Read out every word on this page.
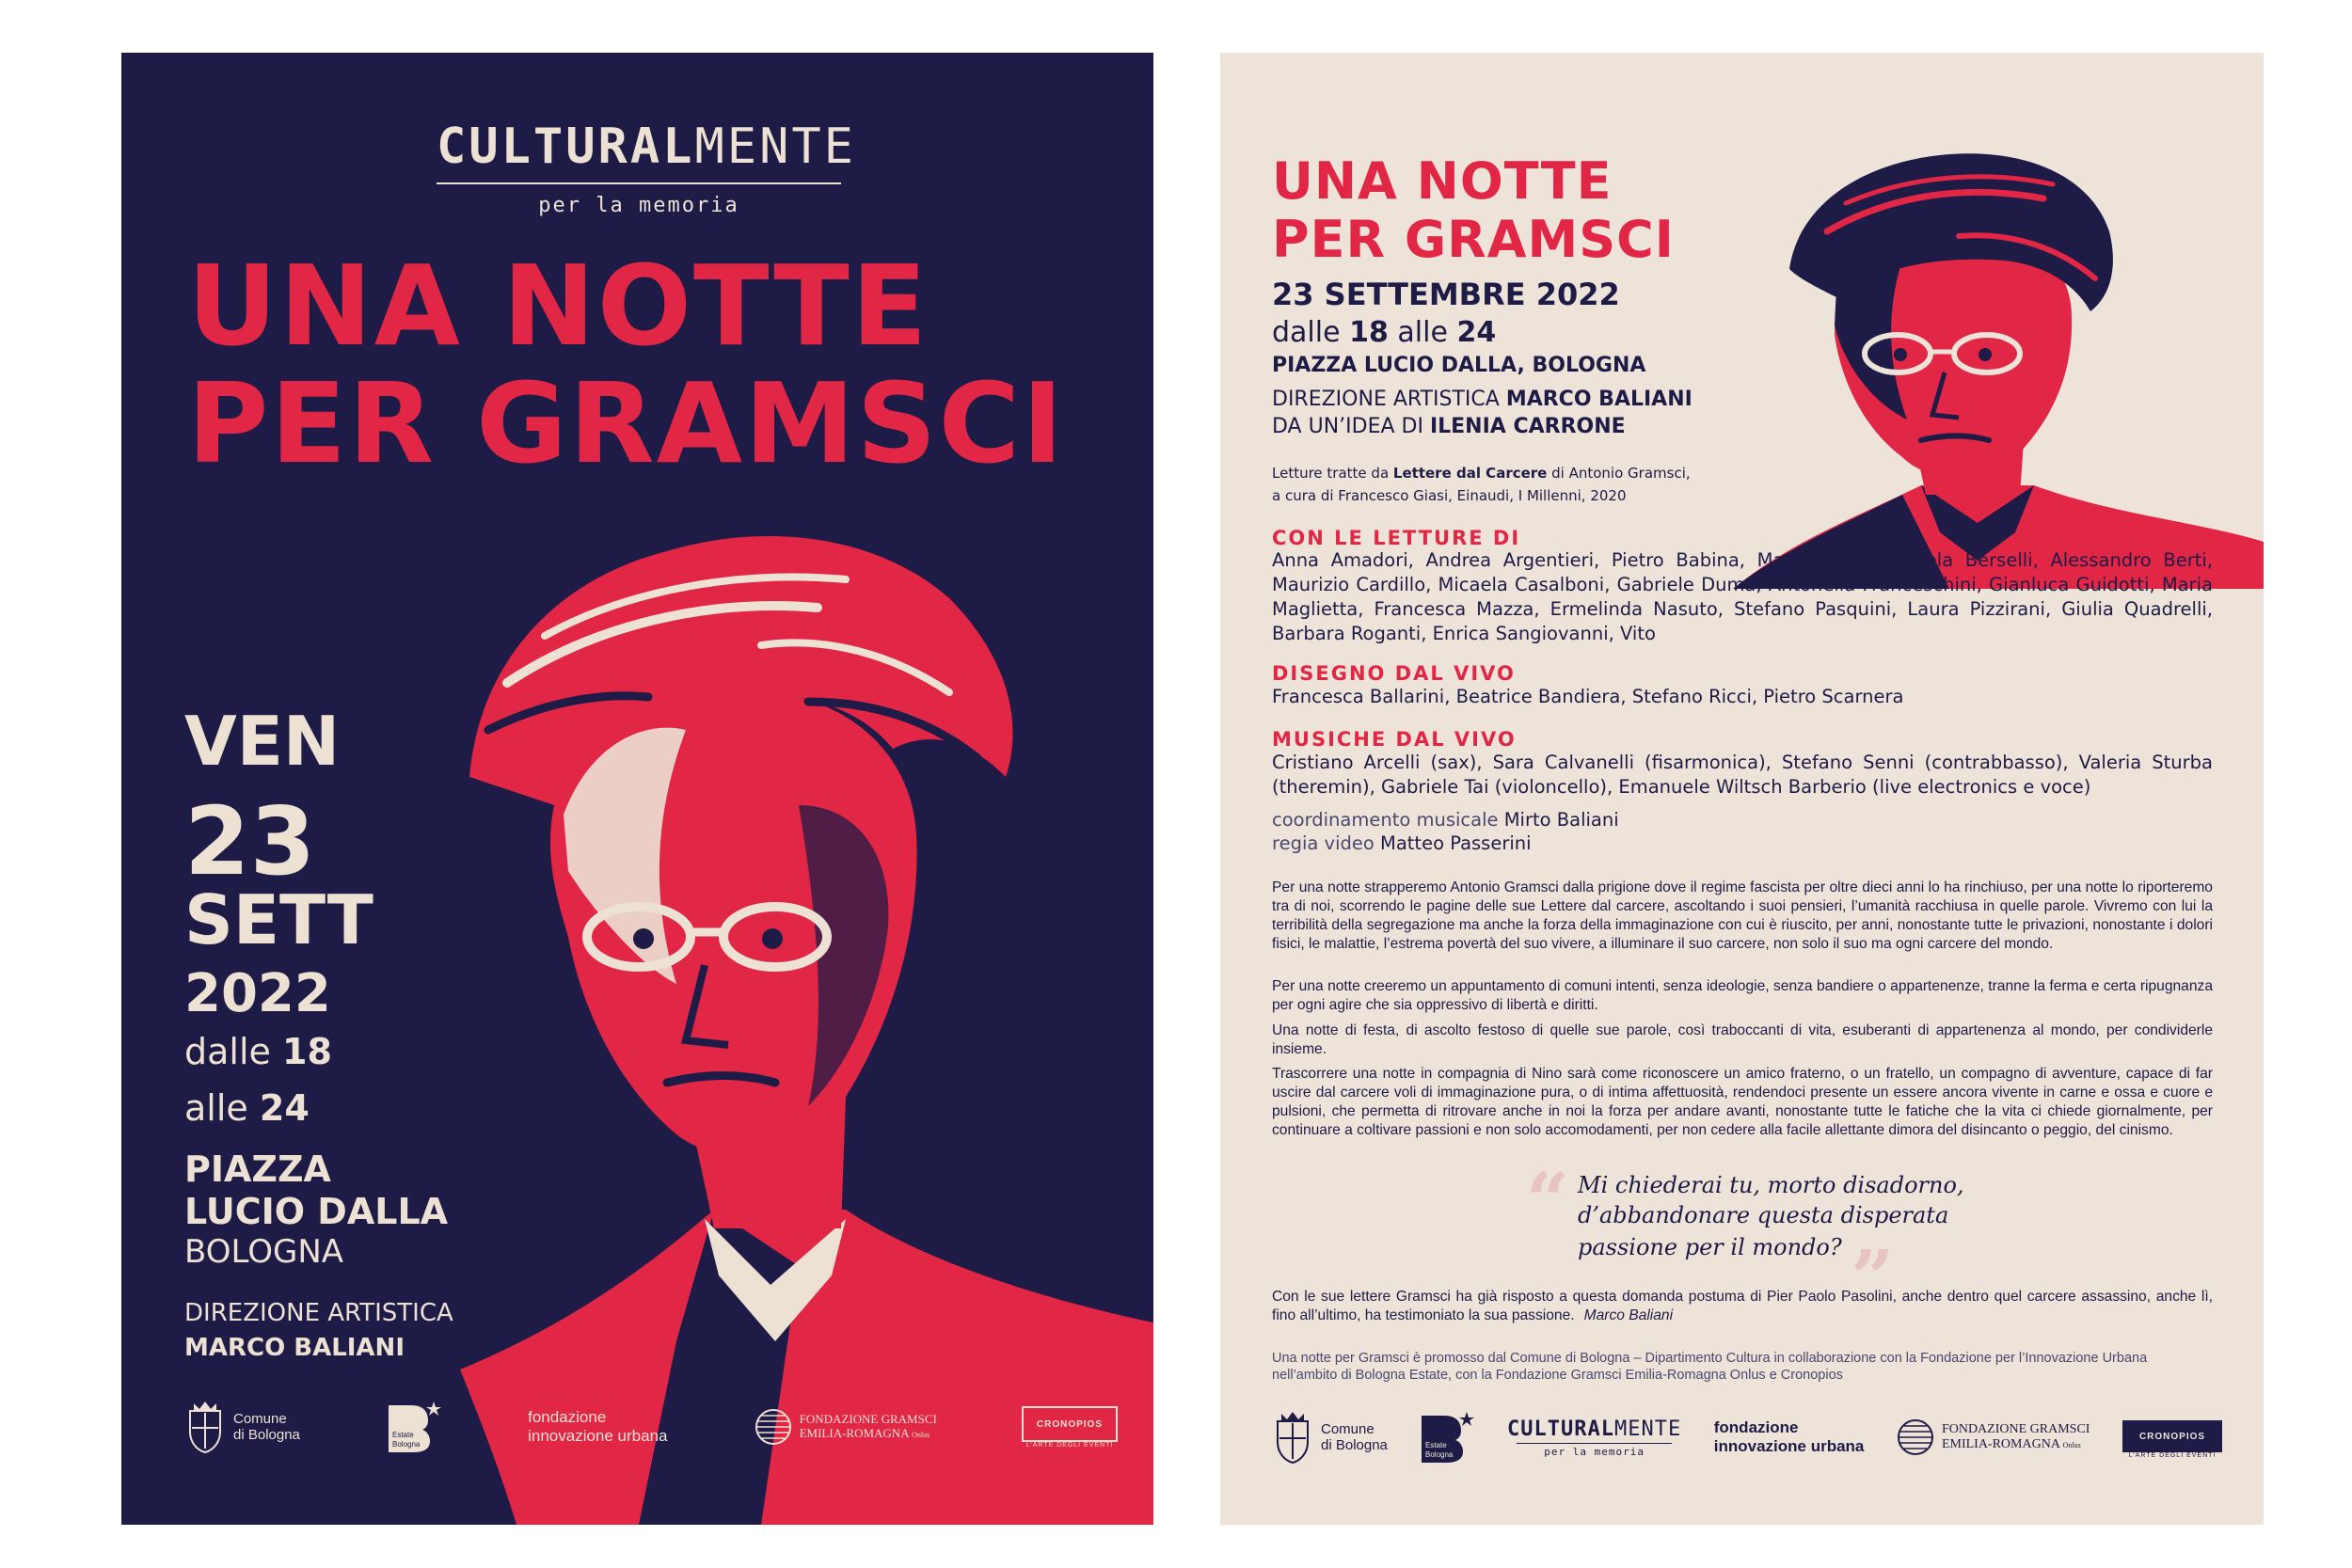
CULTURALMENTE
per la memoria
UNA NOTTE
PER GRAMSCI
VEN
23
SETT
2022
dalle 18
alle 24
PIAZZA
LUCIO DALLA
BOLOGNA
DIREZIONE ARTISTICA
MARCO BALIANI
Comune
di Bologna
Bologna
Estate
fondazione
innovazione urbana
FONDAZIONE GRAMSCI
EMILIA-ROMAGNA Onlus
CRONOPIOS
L’ARTE DEGLI EVENTI
UNA NOTTE
PER GRAMSCI
23 SETTEMBRE 2022
dalle 18 alle 24
PIAZZA LUCIO DALLA, BOLOGNA
DIREZIONE ARTISTICA MARCO BALIANI
DA UN’IDEA DI ILENIA CARRONE
Letture tratte da Lettere dal Carcere di Antonio Gramsci,
a cura di Francesco Giasi, Einaudi, I Millenni, 2020
CON LE LETTURE DI
Anna Amadori, Andrea Argentieri, Pietro Babina, Marco Baliani, Paola Berselli, Alessandro Berti, Maurizio Cardillo, Micaela Casalboni, Gabriele Duma, Antonella Franceschini, Gianluca Guidotti, Maria Maglietta, Francesca Mazza, Ermelinda Nasuto, Stefano Pasquini, Laura Pizzirani, Giulia Quadrelli, Barbara Roganti, Enrica Sangiovanni, Vito
DISEGNO DAL VIVO
Francesca Ballarini, Beatrice Bandiera, Stefano Ricci, Pietro Scarnera
MUSICHE DAL VIVO
Cristiano Arcelli (sax), Sara Calvanelli (fisarmonica), Stefano Senni (contrabbasso), Valeria Sturba (theremin), Gabriele Tai (violoncello), Emanuele Wiltsch Barberio (live electronics e voce)
coordinamento musicale Mirto Baliani
regia video Matteo Passerini
Per una notte strapperemo Antonio Gramsci dalla prigione dove il regime fascista per oltre dieci anni lo ha rinchiuso, per una notte lo riporteremo tra di noi, scorrendo le pagine delle sue Lettere dal carcere, ascoltando i suoi pensieri, l’umanità racchiusa in quelle parole. Vivremo con lui la terribilità della segregazione ma anche la forza della immaginazione con cui è riuscito, per anni, nonostante tutte le privazioni, nonostante i dolori fisici, le malattie, l’estrema povertà del suo vivere, a illuminare il suo carcere, non solo il suo ma ogni carcere del mondo.
Per una notte creeremo un appuntamento di comuni intenti, senza ideologie, senza bandiere o appartenenze, tranne la ferma e certa ripugnanza per ogni agire che sia oppressivo di libertà e diritti.
Una notte di festa, di ascolto festoso di quelle sue parole, così traboccanti di vita, esuberanti di appartenenza al mondo, per condividerle insieme.
Trascorrere una notte in compagnia di Nino sarà come riconoscere un amico fraterno, o un fratello, un compagno di avventure, capace di far uscire dal carcere voli di immaginazione pura, o di intima affettuosità, rendendoci presente un essere ancora vivente in carne e ossa e cuore e pulsioni, che permetta di ritrovare anche in noi la forza per andare avanti, nonostante tutte le fatiche che la vita ci chiede giornalmente, per continuare a coltivare passioni e non solo accomodamenti, per non cedere alla facile allettante dimora del disincanto o peggio, del cinismo.
“ Mi chiederai tu, morto disadorno,
d’abbandonare questa disperata
passione per il mondo? ”
Con le sue lettere Gramsci ha già risposto a questa domanda postuma di Pier Paolo Pasolini, anche dentro quel carcere assassino, anche lì, fino all’ultimo, ha testimoniato la sua passione. Marco Baliani
Una notte per Gramsci è promosso dal Comune di Bologna – Dipartimento Cultura in collaborazione con la Fondazione per l’Innovazione Urbana nell’ambito di Bologna Estate, con la Fondazione Gramsci Emilia-Romagna Onlus e Cronopios
Comune
di Bologna
Bologna
Estate
CULTURALMENTE
per la memoria
fondazione
innovazione urbana
FONDAZIONE GRAMSCI
EMILIA-ROMAGNA Onlus
CRONOPIOS
L’ARTE DEGLI EVENTI
